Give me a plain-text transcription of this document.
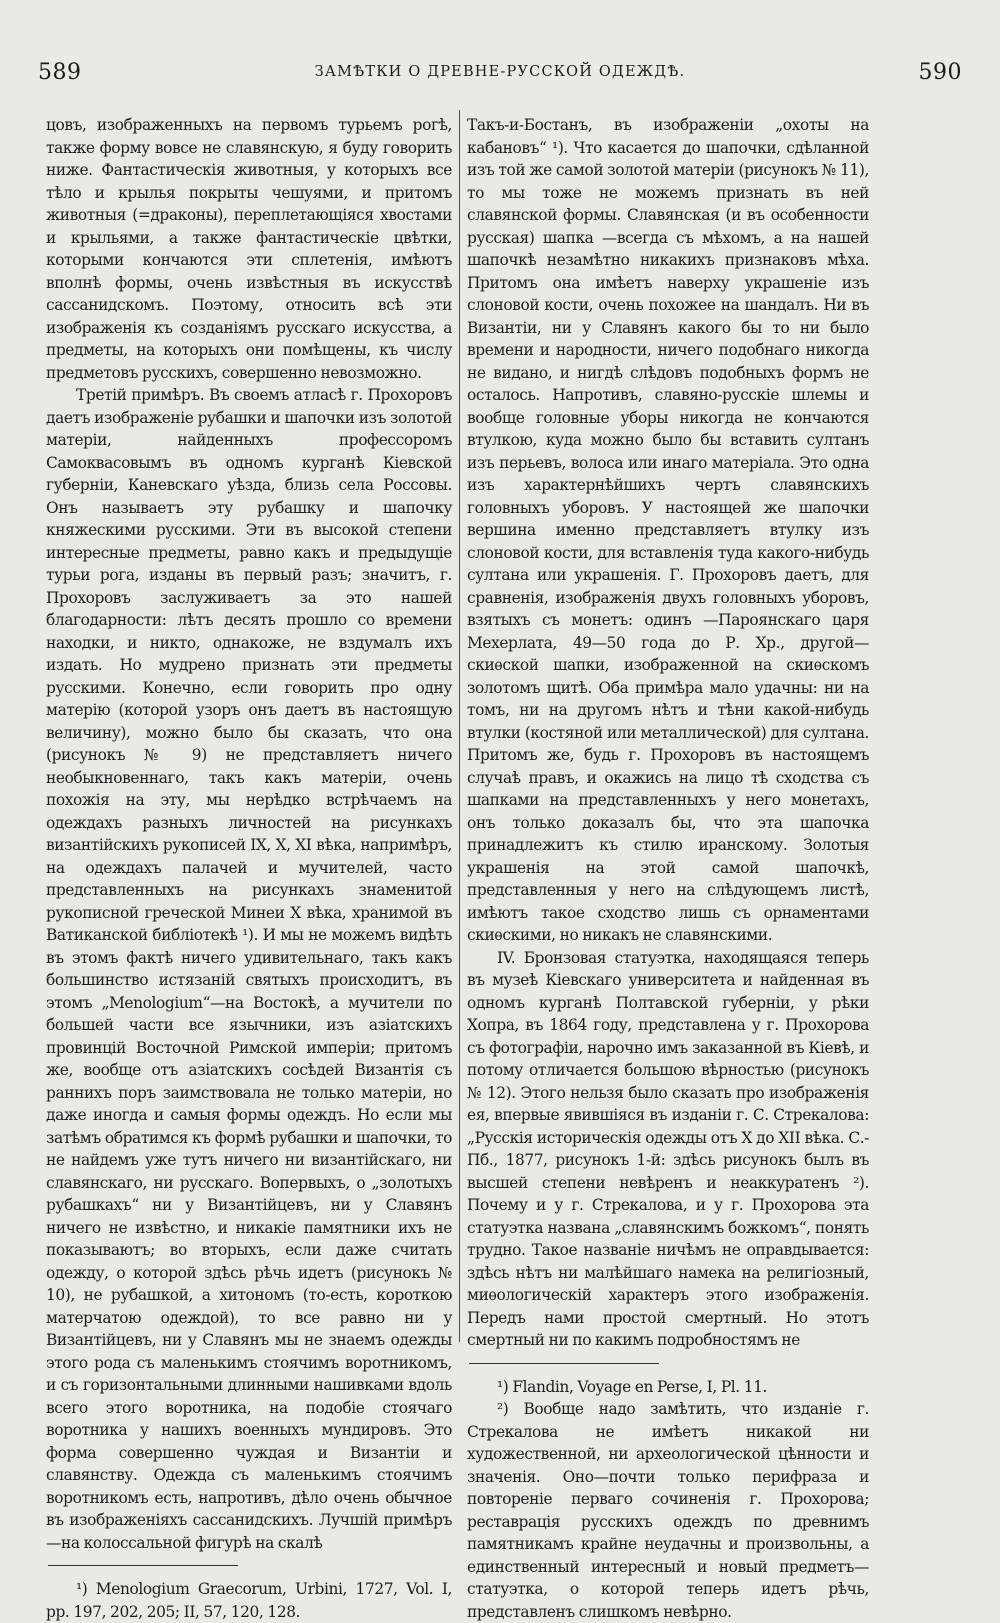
589	ЗАМѢТКИ О ДРЕВНЕ-РУССКОЙ ОДЕЖДѢ.	590

цовъ, изображенныхъ на первомъ турьемъ рогѣ, также форму вовсе не славянскую, я буду говорить ниже. Фантастическія животныя, у которыхъ все тѣло и крылья покрыты чешуями, и притомъ животныя (=драконы), переплетающіяся хвостами и крыльями, а также фантастическіе цвѣтки, которыми кончаются эти сплетенія, имѣютъ вполнѣ формы, очень извѣстныя въ искусствѣ сассанидскомъ. Поэтому, относить всѣ эти изображенія къ созданіямъ русскаго искусства, а предметы, на которыхъ они помѣщены, къ числу предметовъ русскихъ, совершенно невозможно.

Третій примѣръ. Въ своемъ атласѣ г. Прохоровъ даетъ изображеніе рубашки и шапочки изъ золотой матеріи, найденныхъ профессоромъ Самоквасовымъ въ одномъ курганѣ Кіевской губерніи, Каневскаго уѣзда, близь села Россовы. Онъ называетъ эту рубашку и шапочку княжескими русскими. Эти въ высокой степени интересные предметы, равно какъ и предыдущіе турьи рога, изданы въ первый разъ; значитъ, г. Прохоровъ заслуживаетъ за это нашей благодарности: лѣтъ десять прошло со времени находки, и никто, однакоже, не вздумалъ ихъ издать. Но мудрено признать эти предметы русскими. Конечно, если говорить про одну матерію (которой узоръ онъ даетъ въ настоящую величину), можно было бы сказать, что она (рисунокъ № 9) не представляетъ ничего необыкновеннаго, такъ какъ матеріи, очень похожія на эту, мы нерѣдко встрѣчаемъ на одеждахъ разныхъ личностей на рисункахъ византійскихъ рукописей IX, X, XI вѣка, напримѣръ, на одеждахъ палачей и мучителей, часто представленныхъ на рисункахъ знаменитой рукописной греческой Минеи X вѣка, хранимой въ Ватиканской библіотекѣ ¹). И мы не можемъ видѣть въ этомъ фактѣ ничего удивительнаго, такъ какъ большинство истязаній святыхъ происходитъ, въ этомъ „Menologium“—на Востокѣ, а мучители по большей части все язычники, изъ азіатскихъ провинцій Восточной Римской имперіи; притомъ же, вообще отъ азіатскихъ сосѣдей Византія съ раннихъ поръ заимствовала не только матеріи, но даже иногда и самыя формы одеждъ. Но если мы затѣмъ обратимся къ формѣ рубашки и шапочки, то не найдемъ уже тутъ ничего ни византійскаго, ни славянскаго, ни русскаго. Вопервыхъ, о „золотыхъ рубашкахъ“ ни у Византійцевъ, ни у Славянъ ничего не извѣстно, и никакіе памятники ихъ не показываютъ; во вторыхъ, если даже считать одежду, о которой здѣсь рѣчь идетъ (рисунокъ № 10), не рубашкой, а хитономъ (то-есть, короткою матерчатою одеждой), то все равно ни у Византійцевъ, ни у Славянъ мы не знаемъ одежды этого рода съ маленькимъ стоячимъ воротникомъ, и съ горизонтальными длинными нашивками вдоль всего этого воротника, на подобіе стоячаго воротника у нашихъ военныхъ мундировъ. Это форма совершенно чуждая и Византіи и славянству. Одежда съ маленькимъ стоячимъ воротникомъ есть, напротивъ, дѣло очень обычное въ изображеніяхъ сассанидскихъ. Лучшій примѣръ—на колоссальной фигурѣ на скалѣ

¹) Menologium Graecorum, Urbini, 1727, Vol. I, pp. 197, 202, 205; II, 57, 120, 128.

Такъ-и-Бостанъ, въ изображеніи „охоты на кабановъ“ ¹). Что касается до шапочки, сдѣланной изъ той же самой золотой матеріи (рисунокъ № 11), то мы тоже не можемъ признать въ ней славянской формы. Славянская (и въ особенности русская) шапка —всегда съ мѣхомъ, а на нашей шапочкѣ незамѣтно никакихъ признаковъ мѣха. Притомъ она имѣетъ наверху украшеніе изъ слоновой кости, очень похожее на шандалъ. Ни въ Византіи, ни у Славянъ какого бы то ни было времени и народности, ничего подобнаго никогда не видано, и нигдѣ слѣдовъ подобныхъ формъ не осталось. Напротивъ, славяно-русскіе шлемы и вообще головные уборы никогда не кончаются втулкою, куда можно было бы вставить султанъ изъ перьевъ, волоса или инаго матеріала. Это одна изъ характернѣйшихъ чертъ славянскихъ головныхъ уборовъ. У настоящей же шапочки вершина именно представляетъ втулку изъ слоновой кости, для вставленія туда какого-нибудь султана или украшенія. Г. Прохоровъ даетъ, для сравненія, изображенія двухъ головныхъ уборовъ, взятыхъ съ монетъ: одинъ —Пароянскаго царя Мехерлата, 49—50 года до Р. Хр., другой—скиѳской шапки, изображенной на скиѳскомъ золотомъ щитѣ. Оба примѣра мало удачны: ни на томъ, ни на другомъ нѣтъ и тѣни какой-нибудь втулки (костяной или металлической) для султана. Притомъ же, будь г. Прохоровъ въ настоящемъ случаѣ правъ, и окажись на лицо тѣ сходства съ шапками на представленныхъ у него монетахъ, онъ только доказалъ бы, что эта шапочка принадлежитъ къ стилю иранскому. Золотыя украшенія на этой самой шапочкѣ, представленныя у него на слѣдующемъ листѣ, имѣютъ такое сходство лишь съ орнаментами скиѳскими, но никакъ не славянскими.

IV. Бронзовая статуэтка, находящаяся теперь въ музеѣ Кіевскаго университета и найденная въ одномъ курганѣ Полтавской губерніи, у рѣки Хопра, въ 1864 году, представлена у г. Прохорова съ фотографіи, нарочно имъ заказанной въ Кіевѣ, и потому отличается большою вѣрностью (рисунокъ № 12). Этого нельзя было сказать про изображенія ея, впервые явившіяся въ изданіи г. С. Стрекалова: „Русскія историческія одежды отъ X до XII вѣка. С.-Пб., 1877, рисунокъ 1-й: здѣсь рисунокъ былъ въ высшей степени невѣренъ и неаккуратенъ ²). Почему и у г. Стрекалова, и у г. Прохорова эта статуэтка названа „славянскимъ божкомъ“, понять трудно. Такое названіе ничѣмъ не оправдывается: здѣсь нѣтъ ни малѣйшаго намека на религіозный, миѳологическій характеръ этого изображенія. Передъ нами простой смертный. Но этотъ смертный ни по какимъ подробностямъ не

¹) Flandin, Voyage en Perse, I, Pl. 11.

²) Вообще надо замѣтить, что изданіе г. Стрекалова не имѣетъ никакой ни художественной, ни археологической цѣнности и значенія. Оно—почти только перифраза и повтореніе перваго сочиненія г. Прохорова; реставрація русскихъ одеждъ по древнимъ памятникамъ крайне неудачны и произвольны, а единственный интересный и новый предметъ—статуэтка, о которой теперь идетъ рѣчь, представленъ слишкомъ невѣрно.
